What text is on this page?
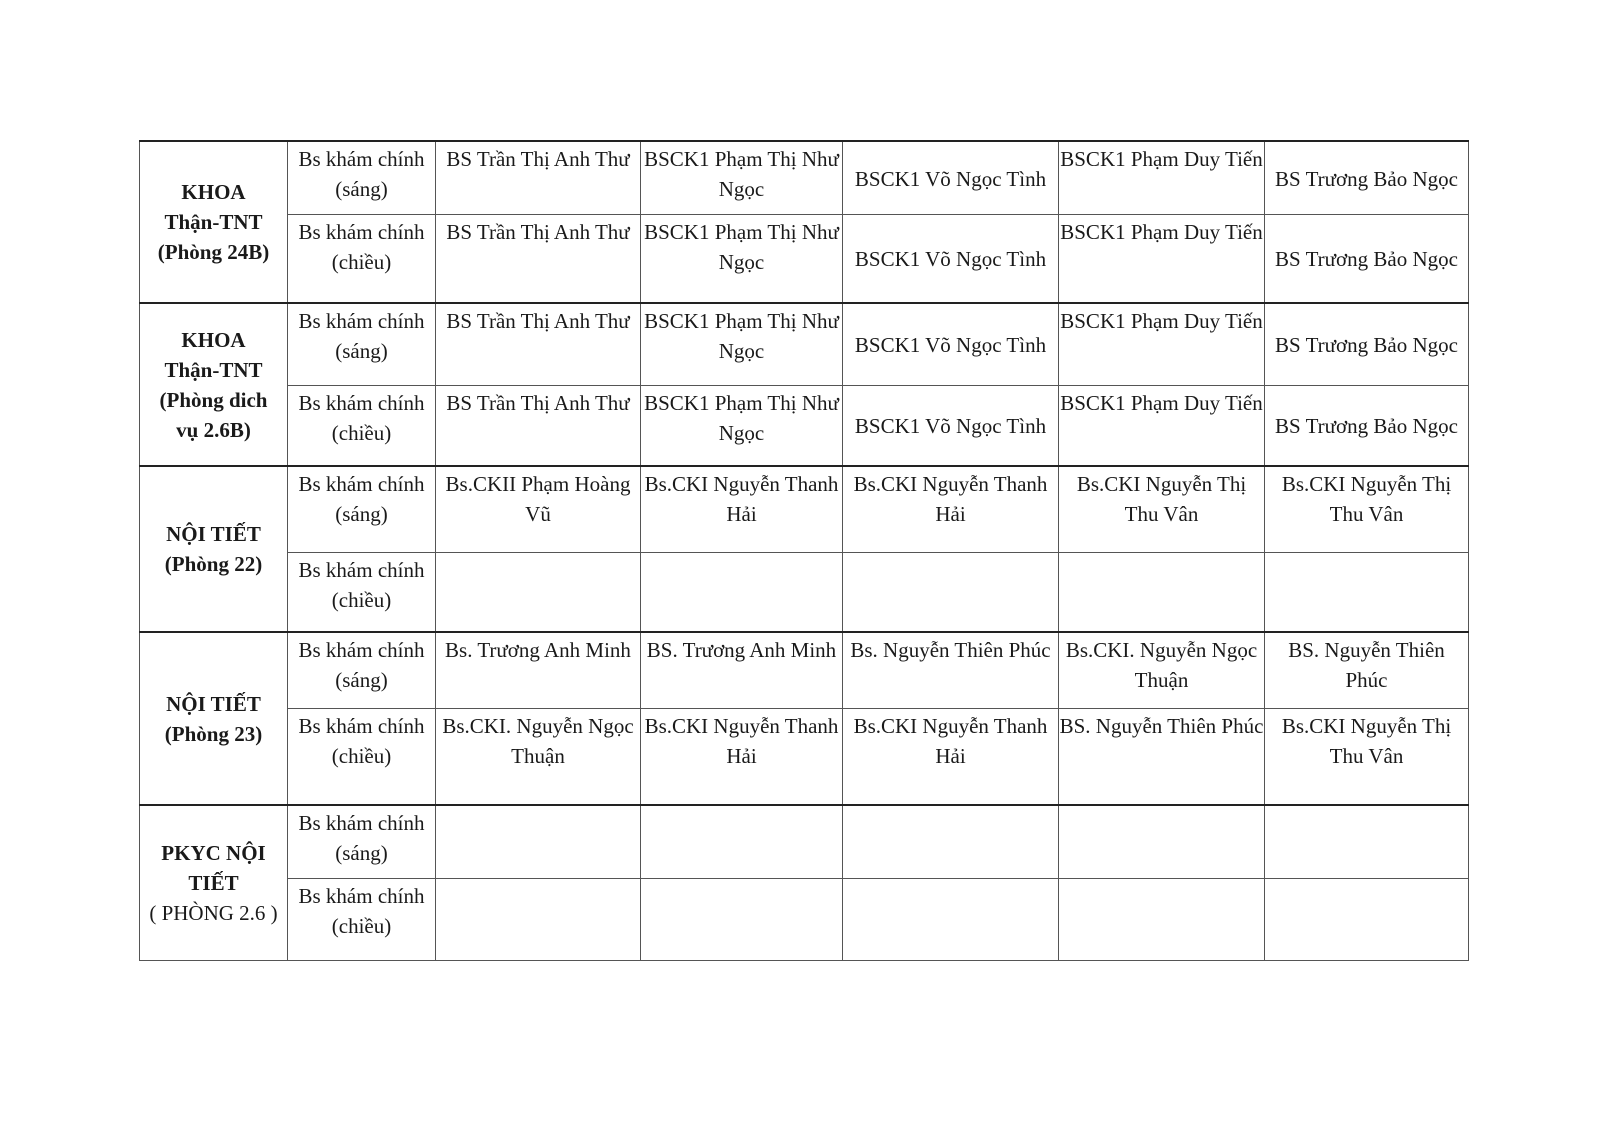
KHOA
Thận-TNT
(Phòng 24B)	Bs khám chính (sáng)	BS Trần Thị Anh Thư	BSCK1 Phạm Thị Như Ngọc	BSCK1 Võ Ngọc Tình	BSCK1 Phạm Duy Tiến	BS Trương Bảo Ngọc
	Bs khám chính (chiều)	BS Trần Thị Anh Thư	BSCK1 Phạm Thị Như Ngọc	BSCK1 Võ Ngọc Tình	BSCK1 Phạm Duy Tiến	BS Trương Bảo Ngọc

KHOA
Thận-TNT
(Phòng dich
vụ 2.6B)	Bs khám chính (sáng)	BS Trần Thị Anh Thư	BSCK1 Phạm Thị Như Ngọc	BSCK1 Võ Ngọc Tình	BSCK1 Phạm Duy Tiến	BS Trương Bảo Ngọc
	Bs khám chính (chiều)	BS Trần Thị Anh Thư	BSCK1 Phạm Thị Như Ngọc	BSCK1 Võ Ngọc Tình	BSCK1 Phạm Duy Tiến	BS Trương Bảo Ngọc

NỘI TIẾT
(Phòng 22)	Bs khám chính (sáng)	Bs.CKII Phạm Hoàng Vũ	Bs.CKI Nguyễn Thanh Hải	Bs.CKI Nguyễn Thanh Hải	Bs.CKI Nguyễn Thị Thu Vân	Bs.CKI Nguyễn Thị Thu Vân
	Bs khám chính (chiều)					

NỘI TIẾT
(Phòng 23)	Bs khám chính (sáng)	Bs. Trương Anh Minh	BS. Trương Anh Minh	Bs. Nguyễn Thiên Phúc	Bs.CKI. Nguyễn Ngọc Thuận	BS. Nguyễn Thiên Phúc
	Bs khám chính (chiều)	Bs.CKI. Nguyễn Ngọc Thuận	Bs.CKI Nguyễn Thanh Hải	Bs.CKI Nguyễn Thanh Hải	BS. Nguyễn Thiên Phúc	Bs.CKI Nguyễn Thị Thu Vân

PKYC NỘI
TIẾT
( PHÒNG 2.6 )	Bs khám chính (sáng)					
	Bs khám chính (chiều)					
